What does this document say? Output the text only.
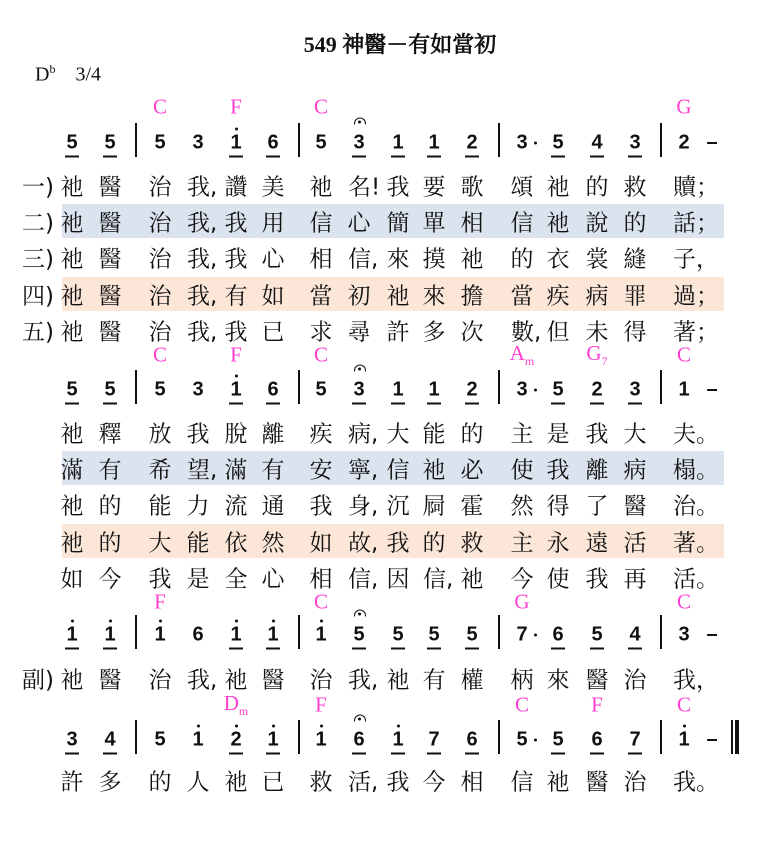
549 神醫－有如當初
$D^b$ 3/4
C	F	C	G
5 5 5 3 1 6 5 3 1 1 2 3 5 4 3 2 –
一) 祂 醫 治 我, 讚 美 祂 名! 我 要 歌 頌 祂 的 救 贖；
二) 祂 醫 治 我, 我 用 信 心 簡 單 相 信 祂 說 的 話；
三) 祂 醫 治 我, 我 心 相 信, 來 摸 祂 的 衣 裳 縫 子，
四) 祂 醫 治 我, 有 如 當 初 祂 來 擔 當 疾 病 罪 過；
五) 祂 醫 治 我, 我 已 求 尋 許 多 次 數, 但 未 得 著；
C	F	C	$A_m$ $G_7$	C
5 5 5 3 1 6 5 3 1 1 2 3 5 2 3 1 –
祂 釋 放 我 脫 離 疾 病, 大 能 的 主 是 我 大 夫。
滿 有 希 望, 滿 有 安 寧, 信 祂 必 使 我 離 病 榻。
祂 的 能 力 流 通 我 身, 沉 屙 霍 然 得 了 醫 治。
祂 的 大 能 依 然 如 故, 我 的 救 主 永 遠 活 著。
如 今 我 是 全 心 相 信, 因 信, 祂 今 使 我 再 活。
F	C	G	C
1 1 1 6 1 1 1 5 5 5 5 7 6 5 4 3 –
副) 祂 醫 治 我, 祂 醫 治 我, 祂 有 權 柄 來 醫 治 我，
$D_m$	F	C	F	C
3 4 5 1 2 1 1 6 1 7 6 5 5 6 7 1 –
許 多 的 人 祂 已 救 活, 我 今 相 信 祂 醫 治 我。
